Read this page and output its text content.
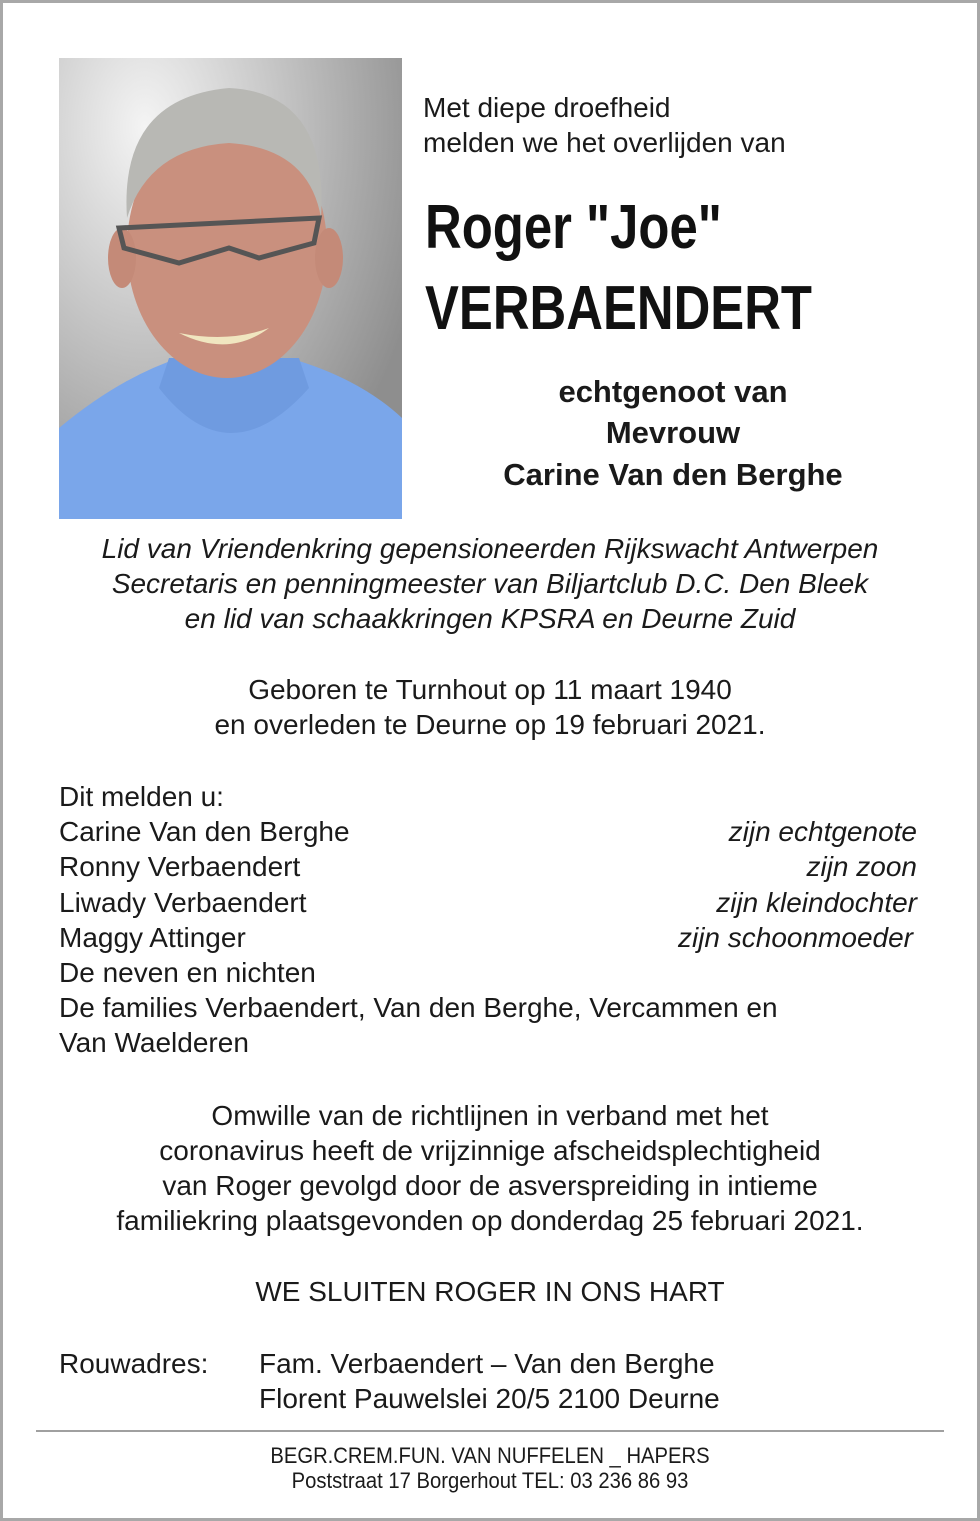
Met diepe droefheid
melden we het overlijden van
Roger "Joe"
VERBAENDERT
echtgenoot van
Mevrouw
Carine Van den Berghe
Lid van Vriendenkring gepensioneerden Rijkswacht Antwerpen
Secretaris en penningmeester van Biljartclub D.C. Den Bleek
en lid van schaakkringen KPSRA en Deurne Zuid
Geboren te Turnhout op 11 maart 1940
en overleden te Deurne op 19 februari 2021.
Dit melden u:
Carine Van den Berghe	zijn echtgenote
Ronny Verbaendert	zijn zoon
Liwady Verbaendert	zijn kleindochter
Maggy Attinger	zijn schoonmoeder
De neven en nichten
De families Verbaendert, Van den Berghe, Vercammen en
Van Waelderen
Omwille van de richtlijnen in verband met het
coronavirus heeft de vrijzinnige afscheidsplechtigheid
van Roger gevolgd door de asverspreiding in intieme
familiekring plaatsgevonden op donderdag 25 februari 2021.
WE SLUITEN ROGER IN ONS HART
Rouwadres: Fam. Verbaendert – Van den Berghe
Florent Pauwelslei 20/5 2100 Deurne
BEGR.CREM.FUN. VAN NUFFELEN _ HAPERS
Poststraat 17 Borgerhout TEL: 03 236 86 93
